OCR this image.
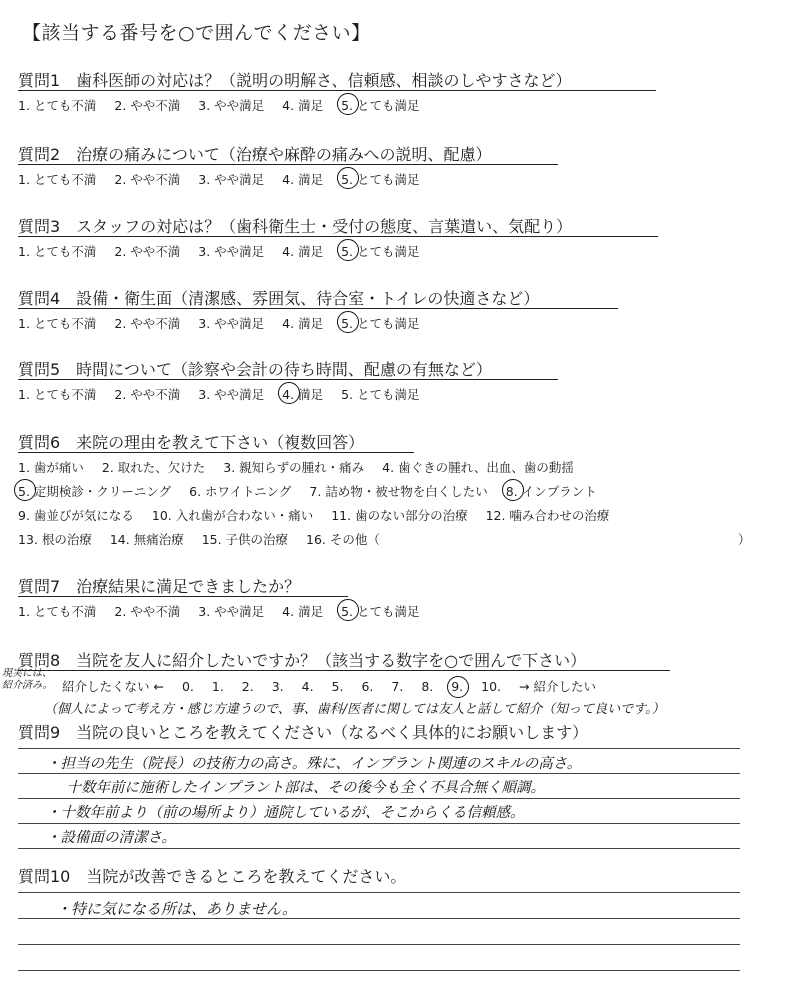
【該当する番号を○で囲んでください】
質問1　歯科医師の対応は？（説明の明解さ、信頼感、相談のしやすさなど）
1. とても不満 2. やや不満 3. やや満足 4. 満足 5. とても満足
質問2　治療の痛みについて（治療や麻酔の痛みへの説明、配慮）
1. とても不満 2. やや不満 3. やや満足 4. 満足 5. とても満足
質問3　スタッフの対応は？（歯科衛生士・受付の態度、言葉遣い、気配り）
1. とても不満 2. やや不満 3. やや満足 4. 満足 5. とても満足
質問4　設備・衛生面（清潔感、雰囲気、待合室・トイレの快適さなど）
1. とても不満 2. やや不満 3. やや満足 4. 満足 5. とても満足
質問5　時間について（診察や会計の待ち時間、配慮の有無など）
1. とても不満 2. やや不満 3. やや満足 4. 満足 5. とても満足
質問6　来院の理由を教えて下さい（複数回答）
1. 歯が痛い 2. 取れた、欠けた 3. 親知らずの腫れ・痛み 4. 歯ぐきの腫れ、出血、歯の動揺
5. 定期検診・クリーニング 6. ホワイトニング 7. 詰め物・被せ物を白くしたい 8. インプラント
9. 歯並びが気になる 10. 入れ歯が合わない・痛い 11. 歯のない部分の治療 12. 噛み合わせの治療
13. 根の治療 14. 無痛治療 15. 子供の治療 16. その他（	）
質問7　治療結果に満足できましたか？
1. とても不満 2. やや不満 3. やや満足 4. 満足 5. とても満足
質問8　当院を友人に紹介したいですか？（該当する数字を○で囲んで下さい）
現実には、紹介済み。 紹介したくない ← 0. 1. 2. 3. 4. 5. 6. 7. 8. 9. 10. → 紹介したい
（個人によって考え方・感じ方違うので、事、歯科/医者に関しては友人と話して紹介（知って良いです。）
質問9　当院の良いところを教えてください（なるべく具体的にお願いします）
・担当の先生（院長）の技術力の高さ。殊に、インプラント関連のスキルの高さ。
　十数年前に施術したインプラント部は、その後今も全く不具合無く順調。
・十数年前より（前の場所より）通院しているが、そこからくる信頼感。
・設備面の清潔さ。
質問10　当院が改善できるところを教えてください。
・特に気になる所は、ありません。
